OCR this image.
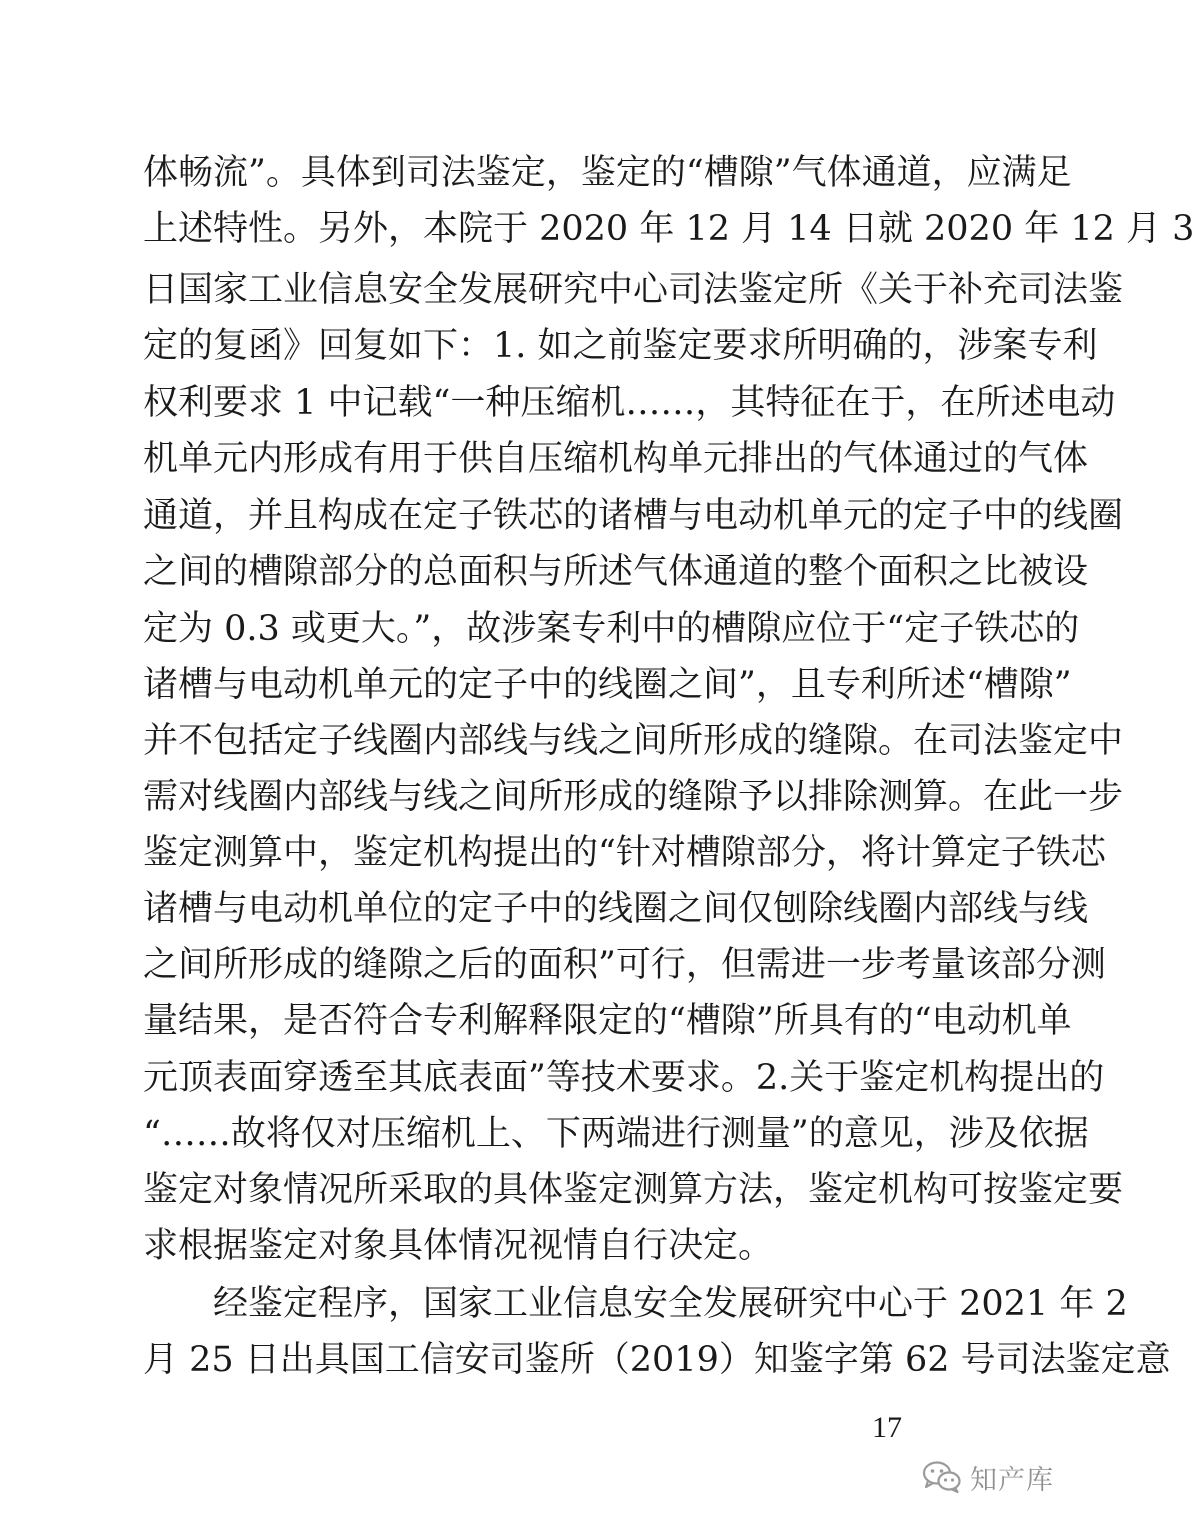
体畅流”。具体到司法鉴定，鉴定的“槽隙”气体通道，应满足
上述特性。另外，本院于 2020 年 12 月 14 日就 2020 年 12 月 3
日国家工业信息安全发展研究中心司法鉴定所《关于补充司法鉴
定的复函》回复如下：1. 如之前鉴定要求所明确的，涉案专利
权利要求 1 中记载“一种压缩机……，其特征在于，在所述电动
机单元内形成有用于供自压缩机构单元排出的气体通过的气体
通道，并且构成在定子铁芯的诸槽与电动机单元的定子中的线圈
之间的槽隙部分的总面积与所述气体通道的整个面积之比被设
定为 0.3 或更大。”，故涉案专利中的槽隙应位于“定子铁芯的
诸槽与电动机单元的定子中的线圈之间”，且专利所述“槽隙”
并不包括定子线圈内部线与线之间所形成的缝隙。在司法鉴定中
需对线圈内部线与线之间所形成的缝隙予以排除测算。在此一步
鉴定测算中，鉴定机构提出的“针对槽隙部分，将计算定子铁芯
诸槽与电动机单位的定子中的线圈之间仅刨除线圈内部线与线
之间所形成的缝隙之后的面积”可行，但需进一步考量该部分测
量结果，是否符合专利解释限定的“槽隙”所具有的“电动机单
元顶表面穿透至其底表面”等技术要求。2.关于鉴定机构提出的
“……故将仅对压缩机上、下两端进行测量”的意见，涉及依据
鉴定对象情况所采取的具体鉴定测算方法，鉴定机构可按鉴定要
求根据鉴定对象具体情况视情自行决定。
经鉴定程序，国家工业信息安全发展研究中心于 2021 年 2
月 25 日出具国工信安司鉴所（2019）知鉴字第 62 号司法鉴定意
17
知产库
